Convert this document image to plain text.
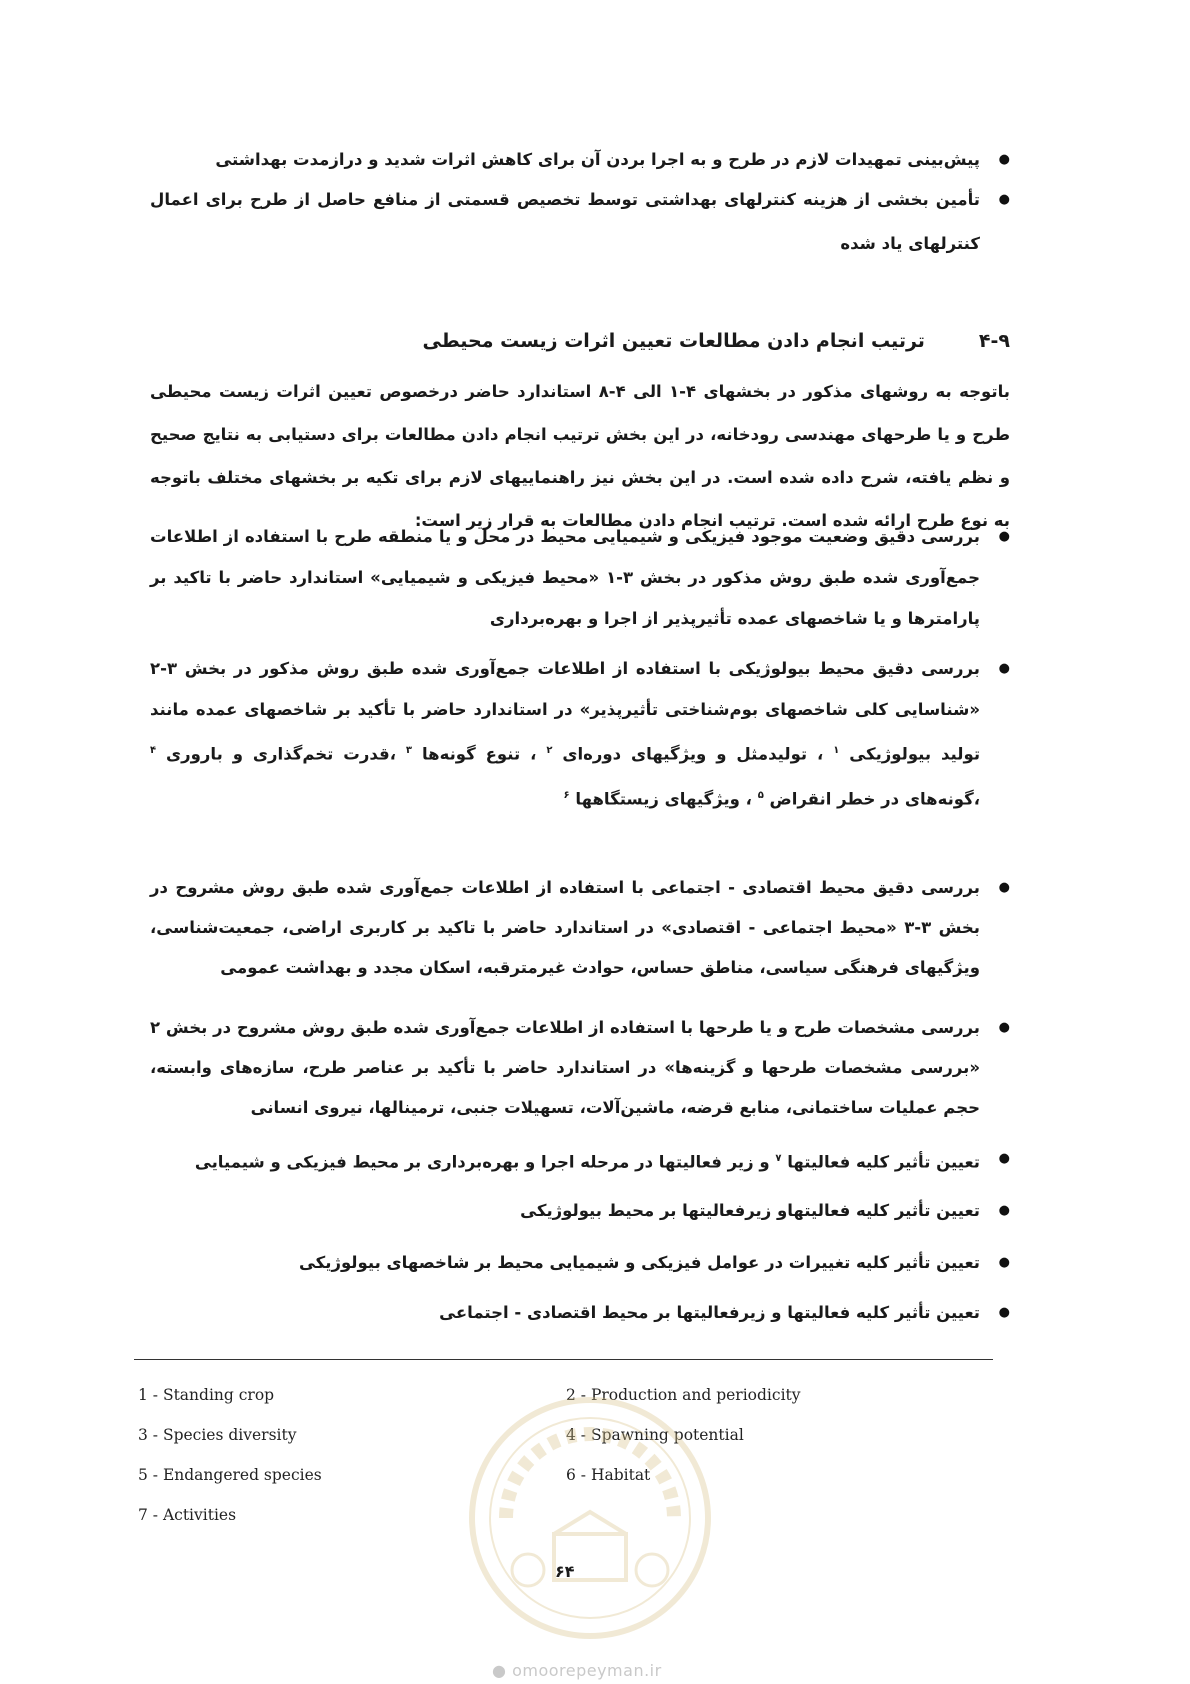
● پیش‌بینی تمهیدات لازم در طرح و به اجرا بردن آن برای کاهش اثرات شدید و درازمدت بهداشتی
● تأمین بخشی از هزینه کنترلهای بهداشتی توسط تخصیص قسمتی از منافع حاصل از طرح برای اعمال کنترلهای یاد شده
۴-۹ترتیب انجام دادن مطالعات تعیین اثرات زیست محیطی
باتوجه به روشهای مذکور در بخشهای ۴-۱ الی ۴-۸ استاندارد حاضر درخصوص تعیین اثرات زیست محیطی طرح و یا طرحهای مهندسی رودخانه، در این بخش ترتیب انجام دادن مطالعات برای دستیابی به نتایج صحیح و نظم یافته، شرح داده شده است. در این بخش نیز راهنماییهای لازم برای تکیه بر بخشهای مختلف باتوجه به نوع طرح ارائه شده است. ترتیب انجام دادن مطالعات به قرار زیر است:
● بررسی دقیق وضعیت موجود فیزیکی و شیمیایی محیط در محل و یا منطقه طرح با استفاده از اطلاعات جمع‌آوری شده طبق روش مذکور در بخش ۳-۱ «محیط فیزیکی و شیمیایی» استاندارد حاضر با تاکید بر پارامترها و یا شاخصهای عمده تأثیرپذیر از اجرا و بهره‌برداری
● بررسی دقیق محیط بیولوژیکی با استفاده از اطلاعات جمع‌آوری شده طبق روش مذکور در بخش ۳-۲ «شناسایی کلی شاخصهای بوم‌شناختی تأثیرپذیر» در استاندارد حاضر با تأکید بر شاخصهای عمده مانند تولید بیولوژیکی $^۱$ ، تولیدمثل و ویژگیهای دوره‌ای $^۲$ ، تنوع گونه‌ها $^۳$ ،قدرت تخم‌گذاری و باروری $^۴$ ،گونه‌های در خطر انقراض $^۵$ ، ویژگیهای زیستگاهها $^۶$
● بررسی دقیق محیط اقتصادی - اجتماعی با استفاده از اطلاعات جمع‌آوری شده طبق روش مشروح در بخش ۳-۳ «محیط اجتماعی - اقتصادی» در استاندارد حاضر با تاکید بر کاربری اراضی، جمعیت‌شناسی، ویژگیهای فرهنگی سیاسی، مناطق حساس، حوادث غیرمترقبه، اسکان مجدد و بهداشت عمومی
● بررسی مشخصات طرح و یا طرحها با استفاده از اطلاعات جمع‌آوری شده طبق روش مشروح در بخش ۲ «بررسی مشخصات طرحها و گزینه‌ها» در استاندارد حاضر با تأکید بر عناصر طرح، سازه‌های وابسته، حجم عملیات ساختمانی، منابع قرضه، ماشین‌آلات، تسهیلات جنبی، ترمینالها، نیروی انسانی
● تعیین تأثیر کلیه فعالیتها $^۷$ و زیر فعالیتها در مرحله اجرا و بهره‌برداری بر محیط فیزیکی و شیمیایی
● تعیین تأثیر کلیه فعالیتهاو زیرفعالیتها بر محیط بیولوژیکی
● تعیین تأثیر کلیه تغییرات در عوامل فیزیکی و شیمیایی محیط بر شاخصهای بیولوژیکی
● تعیین تأثیر کلیه فعالیتها و زیرفعالیتها بر محیط اقتصادی - اجتماعی
1 - Standing crop	2 - Production and periodicity
3 - Species diversity	4 - Spawning potential
5 - Endangered species	6 - Habitat
7 - Activities
۶۴
● omoorepeyman.ir
